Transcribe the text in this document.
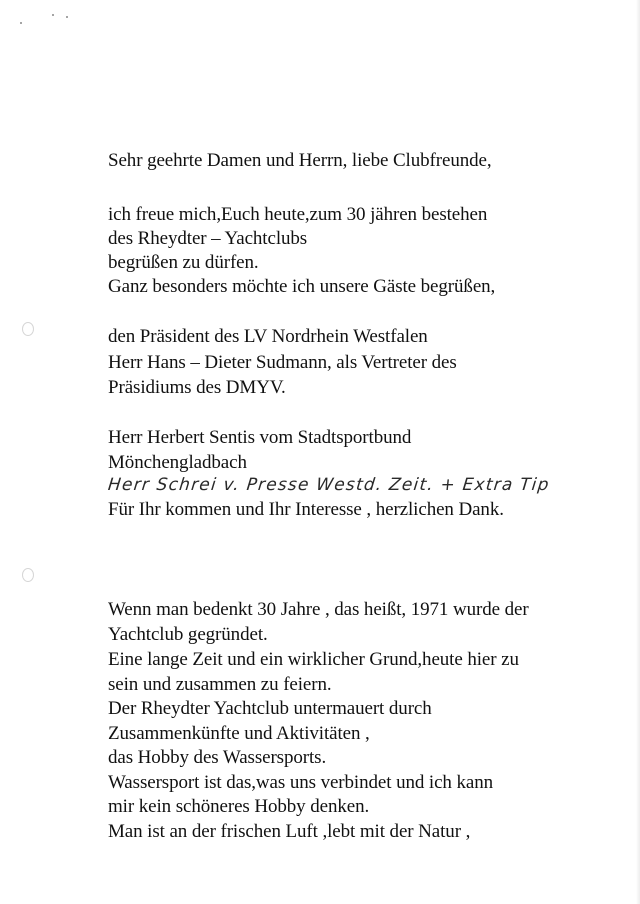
Sehr geehrte Damen und Herrn, liebe Clubfreunde,
ich freue mich,Euch heute,zum 30 jähren bestehen
des Rheydter – Yachtclubs
begrüßen zu dürfen.
Ganz besonders möchte ich unsere Gäste begrüßen,
den Präsident des LV Nordrhein Westfalen
Herr Hans – Dieter Sudmann, als Vertreter des
Präsidiums des DMYV.
Herr Herbert Sentis vom Stadtsportbund
Mönchengladbach
Herr Schrei v. Presse Westd. Zeit. + Extra Tip
Für Ihr kommen und Ihr Interesse , herzlichen Dank.
Wenn man bedenkt 30 Jahre , das heißt, 1971 wurde der
Yachtclub gegründet.
Eine lange Zeit und ein wirklicher Grund,heute hier zu
sein und zusammen zu feiern.
Der Rheydter Yachtclub untermauert durch
Zusammenkünfte und Aktivitäten ,
das Hobby des Wassersports.
Wassersport ist das,was uns verbindet und ich kann
mir kein schöneres Hobby denken.
Man ist an der frischen Luft ,lebt mit der Natur ,
